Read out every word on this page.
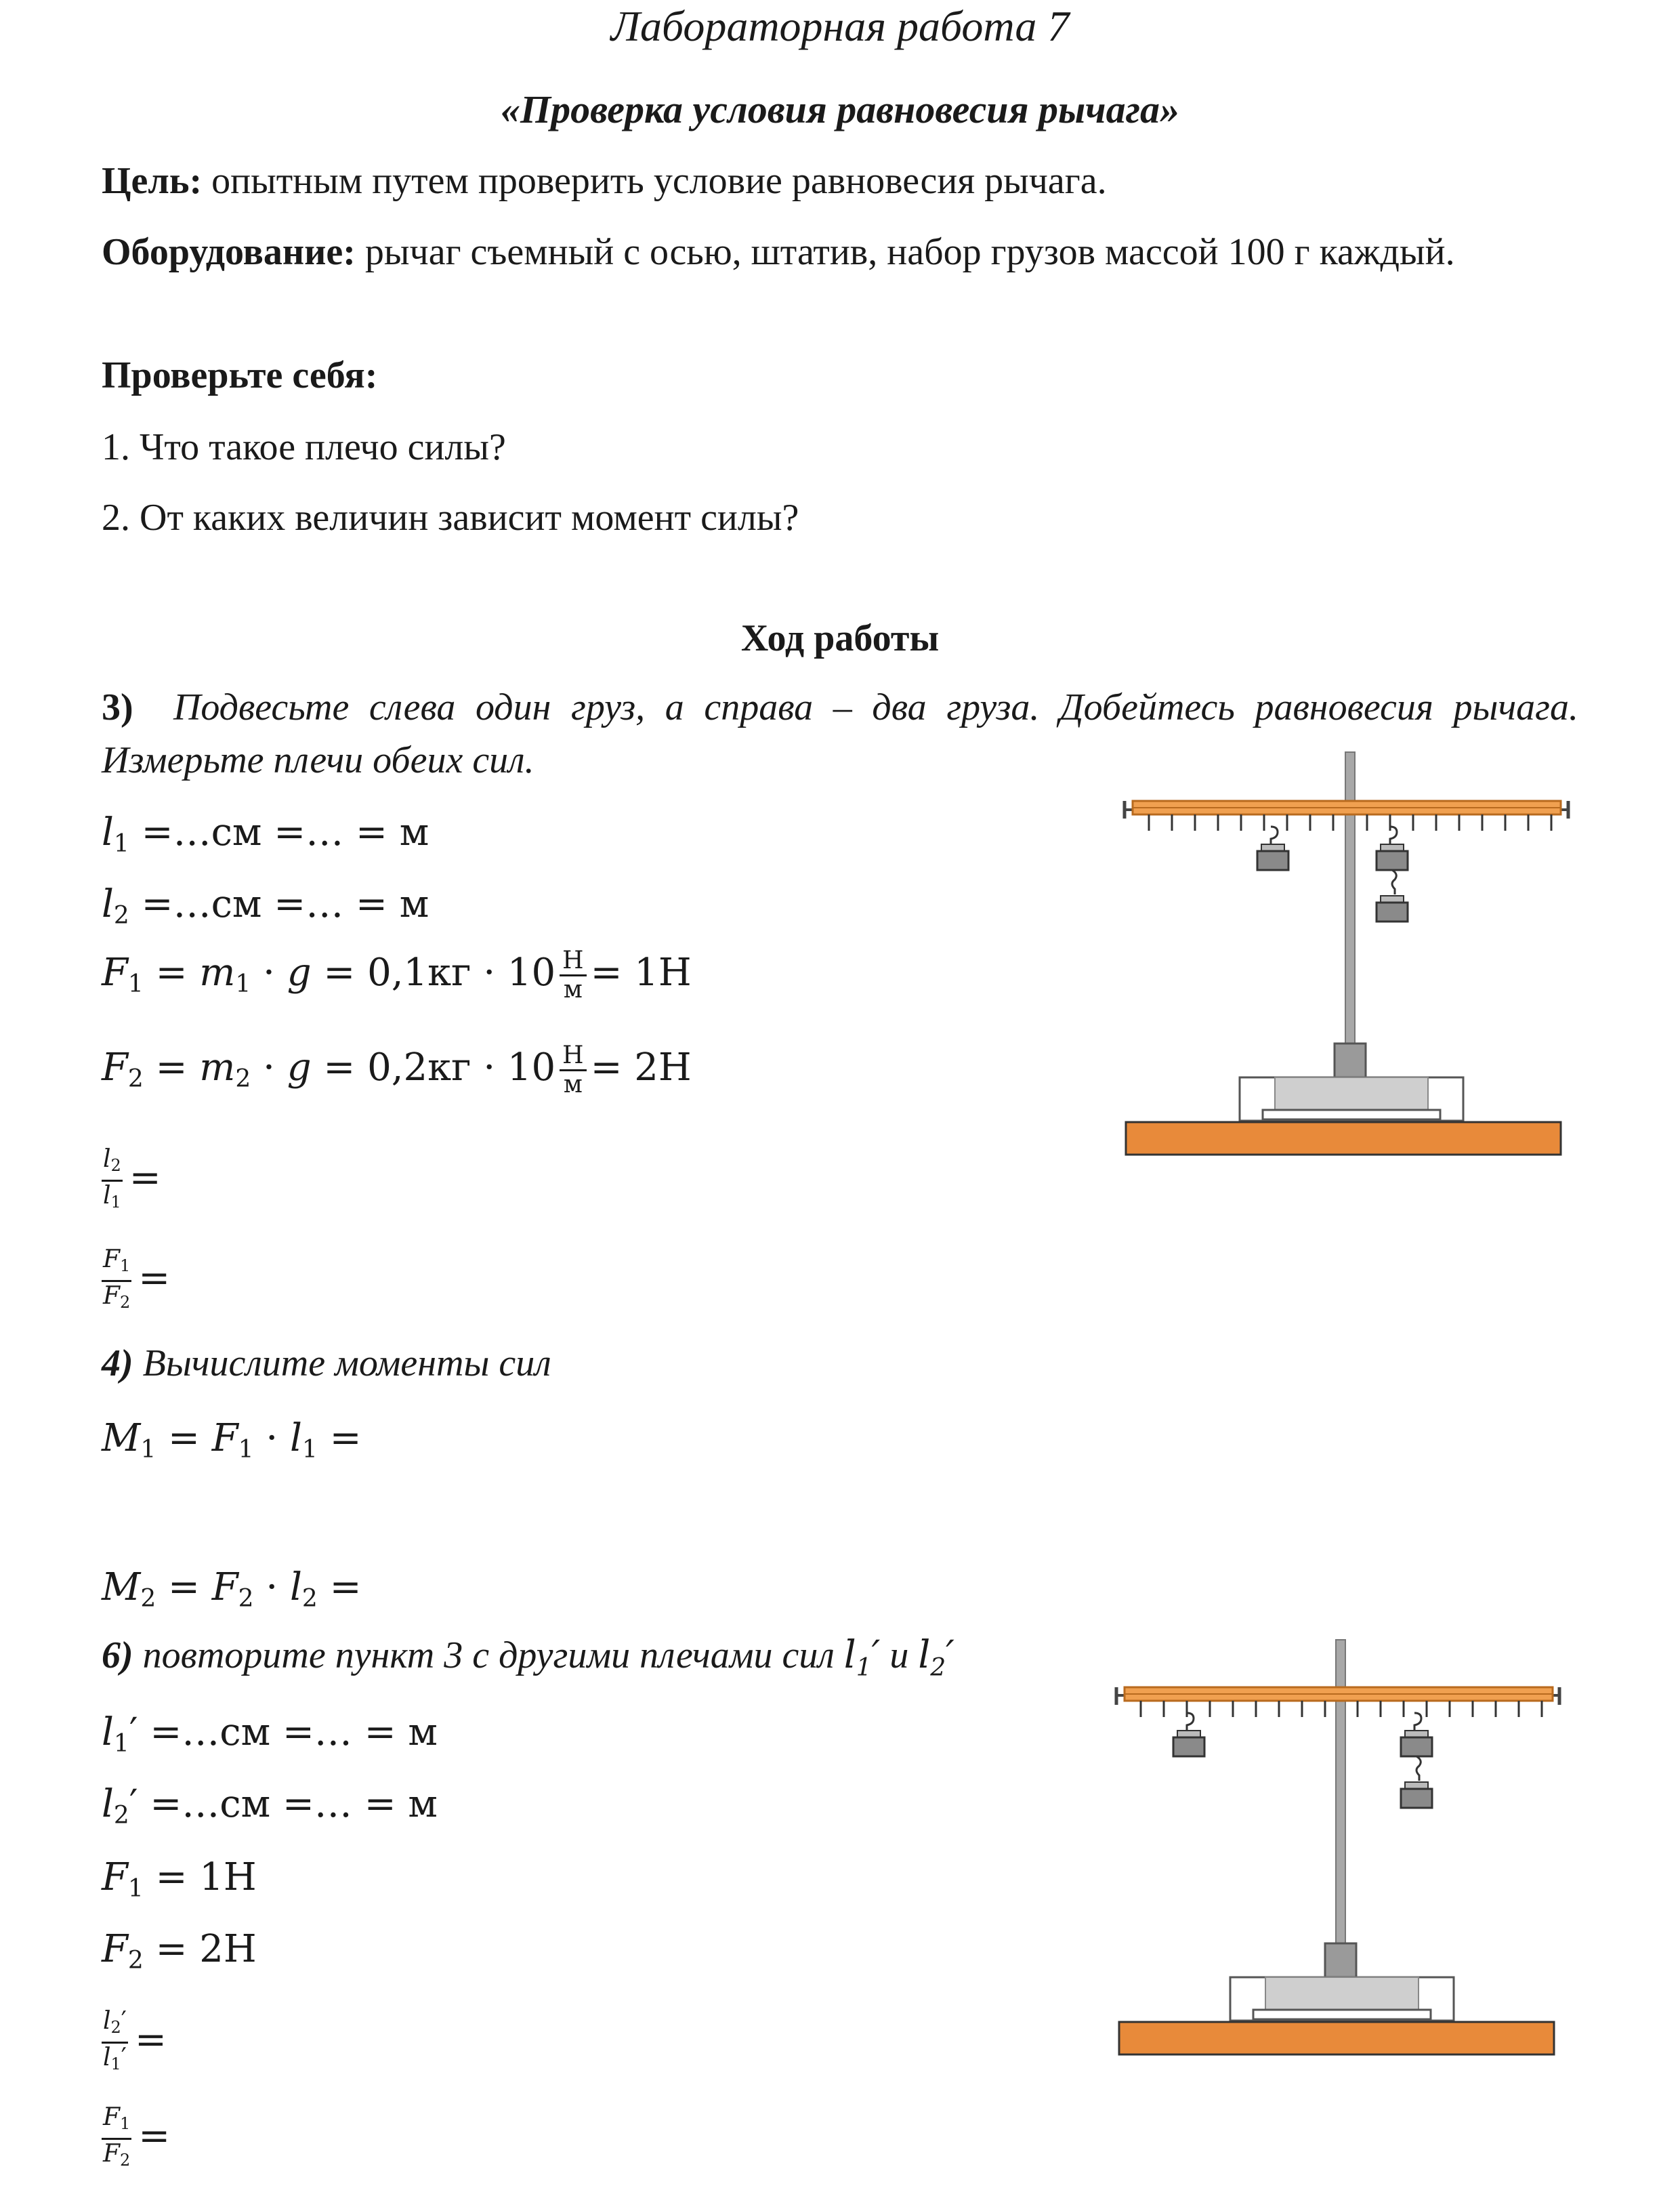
Лабораторная работа 7
«Проверка условия равновесия рычага»
Цель: опытным путем проверить условие равновесия рычага.
Оборудование: рычаг съемный с осью, штатив, набор грузов массой 100 г каждый.
Проверьте себя:
1. Что такое плечо силы?
2. От каких величин зависит момент силы?
Ход работы
3) Подвесьте слева один груз, а справа – два груза. Добейтесь равновесия рычага.
Измерьте плечи обеих сил.
$l_1$ =…см =… = м
$l_2$ =…см =… = м
$F_1 = m_1 \cdot g = 0,1кг \cdot 10 \frac{Н}{м} = 1Н$
$F_2 = m_2 \cdot g = 0,2кг \cdot 10 \frac{Н}{м} = 2Н$
$\frac{l_2}{l_1}$ =
$\frac{F_1}{F_2}$ =
4) Вычислите моменты сил
$M_1 = F_1 \cdot l_1$ =
$M_2 = F_2 \cdot l_2$ =
6) повторите пункт 3 с другими плечами сил $l_1'$ и $l_2'$
$l_1'$ =…см =… = м
$l_2'$ =…см =… = м
$F_1 = 1Н$
$F_2 = 2Н$
$\frac{l_2'}{l_1'}$ =
$\frac{F_1}{F_2}$ =
